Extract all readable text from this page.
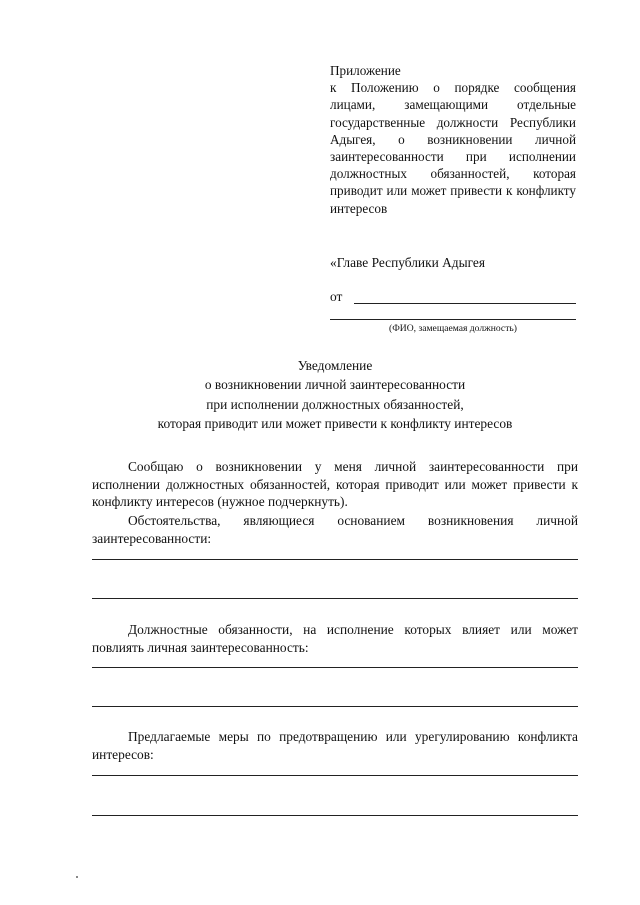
Приложение
к Положению о порядке сообщения лицами, замещающими отдельные государственные должности Республики Адыгея, о возникновении личной заинтересованности при исполнении должностных обязанностей, которая приводит или может привести к конфликту интересов
«Главе Республики Адыгея
от
(ФИО, замещаемая должность)
Уведомление
о возникновении личной заинтересованности
при исполнении должностных обязанностей,
которая приводит или может привести к конфликту интересов

Сообщаю о возникновении у меня личной заинтересованности при исполнении должностных обязанностей, которая приводит или может привести к конфликту интересов (нужное подчеркнуть).

Обстоятельства, являющиеся основанием возникновения личной заинтересованности:

Должностные обязанности, на исполнение которых влияет или может повлиять личная заинтересованность:

Предлагаемые меры по предотвращению или урегулированию конфликта интересов:
